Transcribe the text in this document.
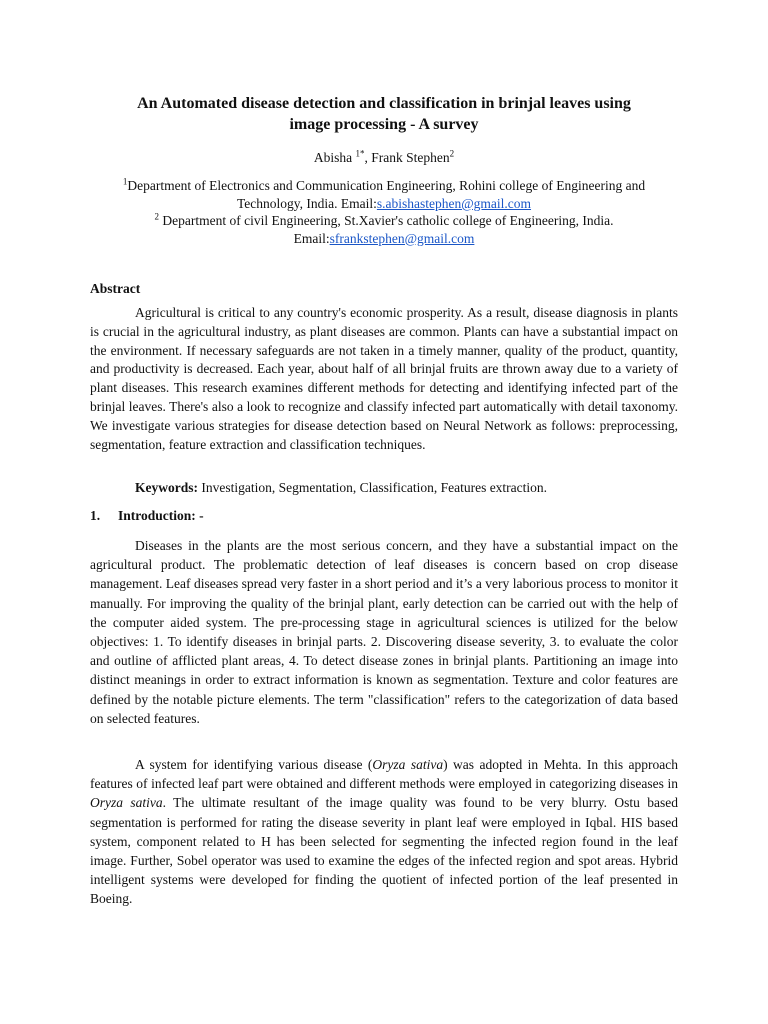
An Automated disease detection and classification in brinjal leaves using
image processing - A survey
Abisha $^{1*}$, Frank Stephen$^2$

$^1$Department of Electronics and Communication Engineering, Rohini college of Engineering and Technology, India. Email:s.abishastephen@gmail.com

$^2$ Department of civil Engineering, St.Xavier's catholic college of Engineering, India.
Email:sfrankstephen@gmail.com

Abstract

Agricultural is critical to any country's economic prosperity. As a result, disease diagnosis in plants is crucial in the agricultural industry, as plant diseases are common. Plants can have a substantial impact on the environment. If necessary safeguards are not taken in a timely manner, quality of the product, quantity, and productivity is decreased. Each year, about half of all brinjal fruits are thrown away due to a variety of plant diseases. This research examines different methods for detecting and identifying infected part of the brinjal leaves. There's also a look to recognize and classify infected part automatically with detail taxonomy. We investigate various strategies for disease detection based on Neural Network as follows: preprocessing, segmentation, feature extraction and classification techniques.

Keywords: Investigation, Segmentation, Classification, Features extraction.

1. Introduction: -

Diseases in the plants are the most serious concern, and they have a substantial impact on the agricultural product. The problematic detection of leaf diseases is concern based on crop disease management. Leaf diseases spread very faster in a short period and it’s a very laborious process to monitor it manually. For improving the quality of the brinjal plant, early detection can be carried out with the help of the computer aided system. The pre-processing stage in agricultural sciences is utilized for the below objectives: 1. To identify diseases in brinjal parts. 2. Discovering disease severity, 3. to evaluate the color and outline of afflicted plant areas, 4. To detect disease zones in brinjal plants. Partitioning an image into distinct meanings in order to extract information is known as segmentation. Texture and color features are defined by the notable picture elements. The term "classification" refers to the categorization of data based on selected features.

A system for identifying various disease (Oryza sativa) was adopted in Mehta. In this approach features of infected leaf part were obtained and different methods were employed in categorizing diseases in Oryza sativa. The ultimate resultant of the image quality was found to be very blurry. Ostu based segmentation is performed for rating the disease severity in plant leaf were employed in Iqbal. HIS based system, component related to H has been selected for segmenting the infected region found in the leaf image. Further, Sobel operator was used to examine the edges of the infected region and spot areas. Hybrid intelligent systems were developed for finding the quotient of infected portion of the leaf presented in Boeing.
